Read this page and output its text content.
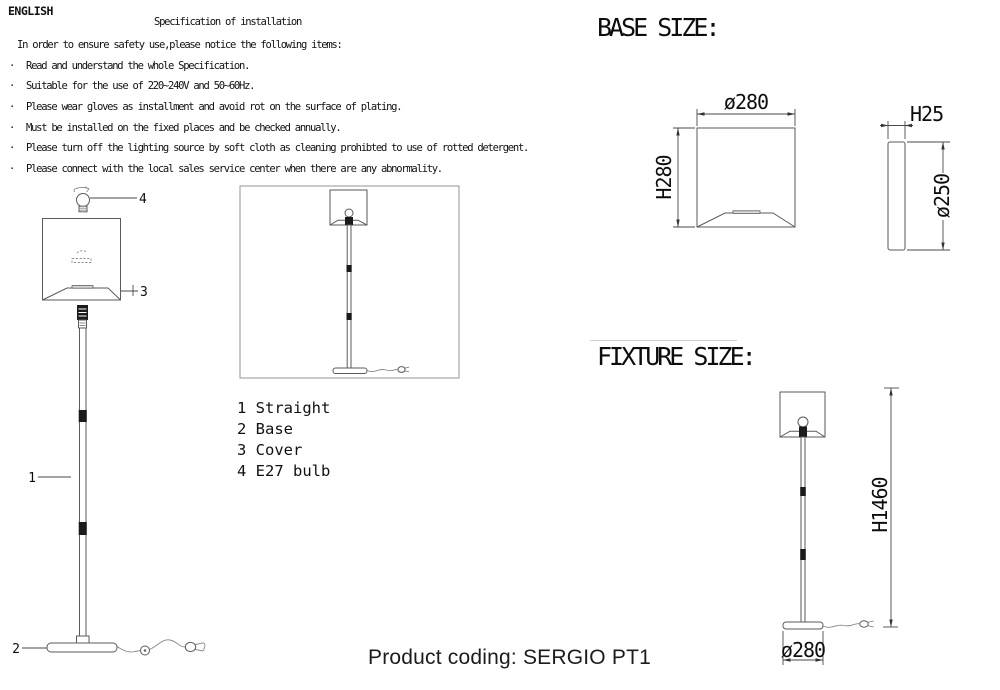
ENGLISH
Specification of installation
In order to ensure safety use,please notice the following items:
· Read and understand the whole Specification.
· Suitable for the use of 220~240V and 50~60Hz.
· Please wear gloves as installment and avoid rot on the surface of plating.
· Must be installed on the fixed places and be checked annually.
· Please turn off the lighting source by soft cloth as cleaning prohibted to use of rotted detergent.
· Please connect with the local sales service center when there are any abnormality.
4
3
1
2
1 Straight
2 Base
3 Cover
4 E27 bulb
BASE SIZE:
ø280
H280
H25
ø250
FIXTURE SIZE:
H1460
ø280
Product coding: SERGIO PT1
